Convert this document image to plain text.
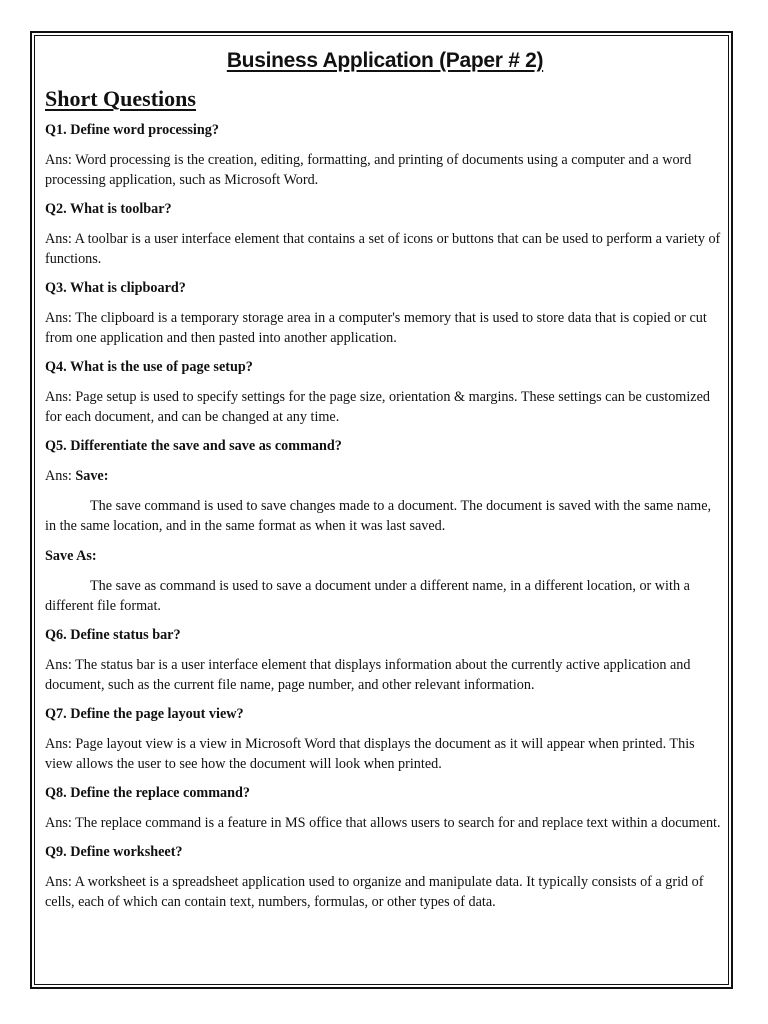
Business Application (Paper # 2)
Short Questions

Q1. Define word processing?

Ans: Word processing is the creation, editing, formatting, and printing of documents using a computer and a word processing application, such as Microsoft Word.

Q2. What is toolbar?

Ans: A toolbar is a user interface element that contains a set of icons or buttons that can be used to perform a variety of functions.

Q3. What is clipboard?

Ans: The clipboard is a temporary storage area in a computer's memory that is used to store data that is copied or cut from one application and then pasted into another application.

Q4. What is the use of page setup?

Ans: Page setup is used to specify settings for the page size, orientation & margins. These settings can be customized for each document, and can be changed at any time.

Q5. Differentiate the save and save as command?

Ans: Save:

The save command is used to save changes made to a document. The document is saved with the same name, in the same location, and in the same format as when it was last saved.

Save As:

The save as command is used to save a document under a different name, in a different location, or with a different file format.

Q6. Define status bar?

Ans: The status bar is a user interface element that displays information about the currently active application and document, such as the current file name, page number, and other relevant information.

Q7. Define the page layout view?

Ans: Page layout view is a view in Microsoft Word that displays the document as it will appear when printed. This view allows the user to see how the document will look when printed.

Q8. Define the replace command?

Ans: The replace command is a feature in MS office that allows users to search for and replace text within a document.

Q9. Define worksheet?

Ans: A worksheet is a spreadsheet application used to organize and manipulate data. It typically consists of a grid of cells, each of which can contain text, numbers, formulas, or other types of data.
